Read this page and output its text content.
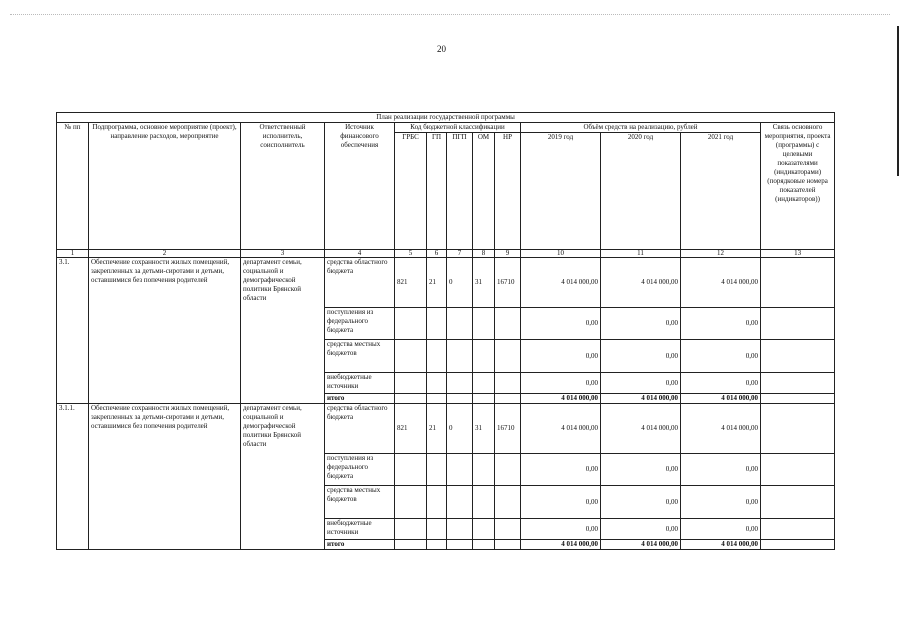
20
План реализации государственной программы												
№ пп	Подпрограмма, основное мероприятие (проект), направление расходов, мероприятие	Ответственный исполнитель, соисполнитель	Источник финансового обеспечения	Код бюджетной классификации					Объём средств на реализацию, рублей			Связь основного мероприятия, проекта (программы) с целевыми показателями (индикаторами) (порядковые номера показателей (индикаторов))
				ГРБС	ГП	ПГП	ОМ	НР	2019 год	2020 год	2021 год	
1	2	3	4	5	6	7	8	9	10	11	12	13
3.1.	Обеспечение сохранности жилых помещений, закрепленных за детьми-сиротами и детьми, оставшимися без попечения родителей	департамент семьи, социальной и демографической политики Брянской области	средства областного бюджета	821	21	0	31	16710	4 014 000,00	4 014 000,00	4 014 000,00	
			поступления из федерального бюджета						0,00	0,00	0,00	
			средства местных бюджетов						0,00	0,00	0,00	
			внебюджетные источники						0,00	0,00	0,00	
			итого						4 014 000,00	4 014 000,00	4 014 000,00	
3.1.1.	Обеспечение сохранности жилых помещений, закрепленных за детьми-сиротами и детьми, оставшимися без попечения родителей	департамент семьи, социальной и демографической политики Брянской области	средства областного бюджета	821	21	0	31	16710	4 014 000,00	4 014 000,00	4 014 000,00	
			поступления из федерального бюджета						0,00	0,00	0,00	
			средства местных бюджетов						0,00	0,00	0,00	
			внебюджетные источники						0,00	0,00	0,00	
			итого						4 014 000,00	4 014 000,00	4 014 000,00	
